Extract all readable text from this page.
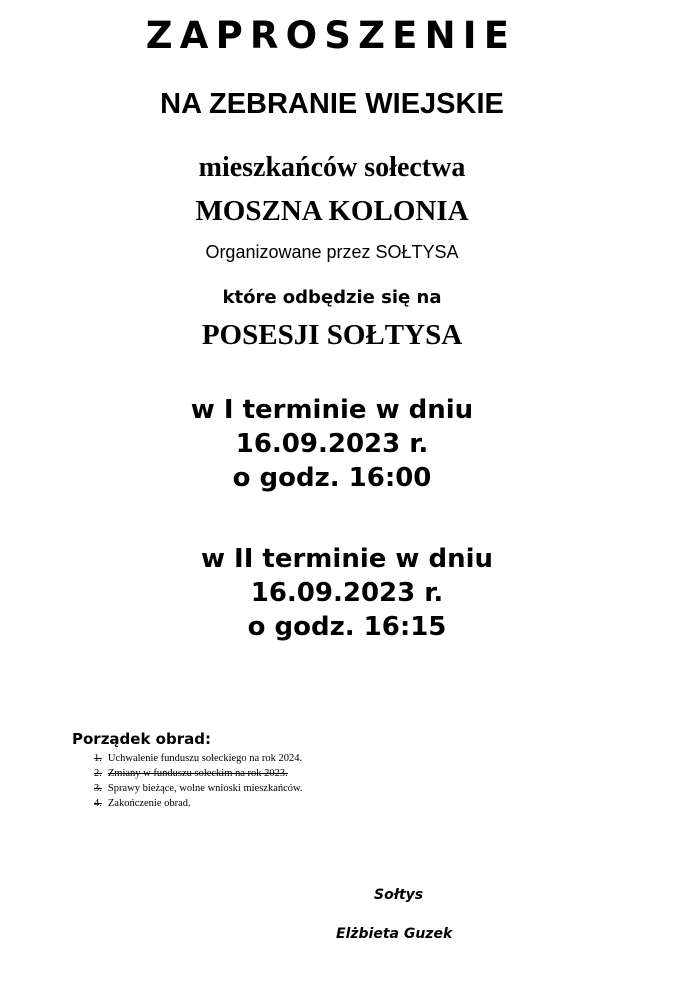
ZAPROSZENIE
NA ZEBRANIE WIEJSKIE
mieszkańców sołectwa
MOSZNA KOLONIA
Organizowane przez SOŁTYSA
które odbędzie się na
POSESJI SOŁTYSA
w I terminie w dniu
16.09.2023 r.
o godz. 16:00
w II terminie w dniu
16.09.2023 r.
o godz. 16:15
Porządek obrad:
1. Uchwalenie funduszu sołeckiego na rok 2024.
2. Zmiany w funduszu sołeckim na rok 2023.
3. Sprawy bieżące, wolne wnioski mieszkańców.
4. Zakończenie obrad.
Sołtys
Elżbieta Guzek
